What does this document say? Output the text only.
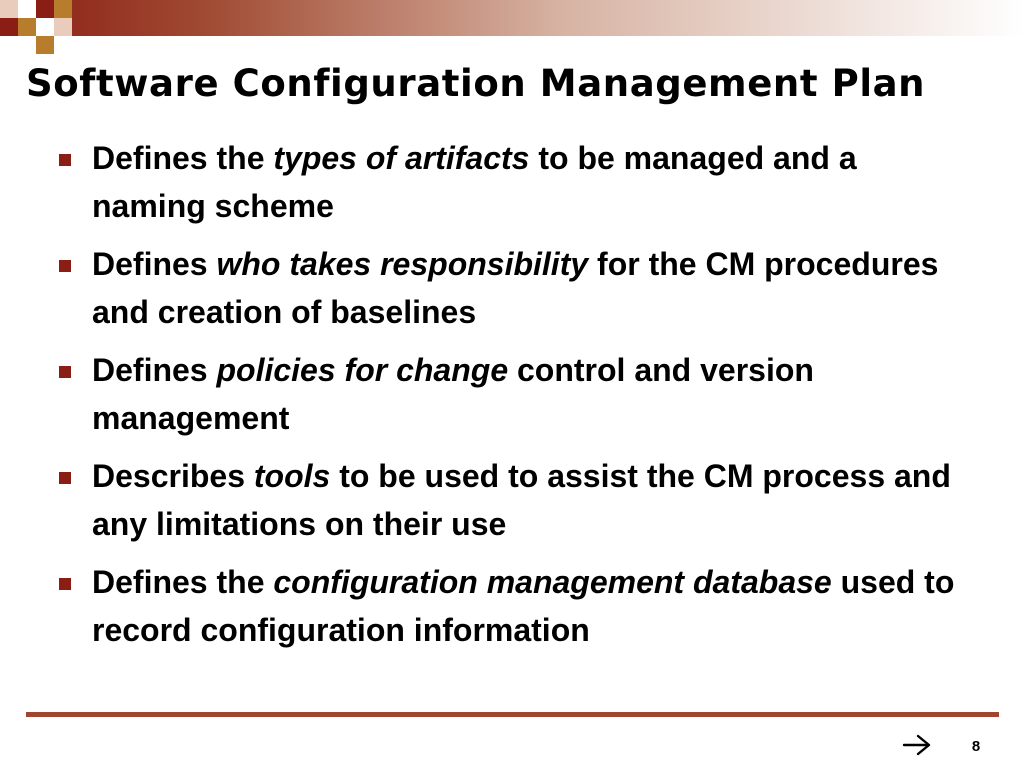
Software Configuration Management Plan
Defines the types of artifacts to be managed and a naming scheme
Defines who takes responsibility for the CM procedures and creation of baselines
Defines policies for change control and version management
Describes tools to be used to assist the CM process and any limitations on their use
Defines the configuration management database used to record configuration information
8
